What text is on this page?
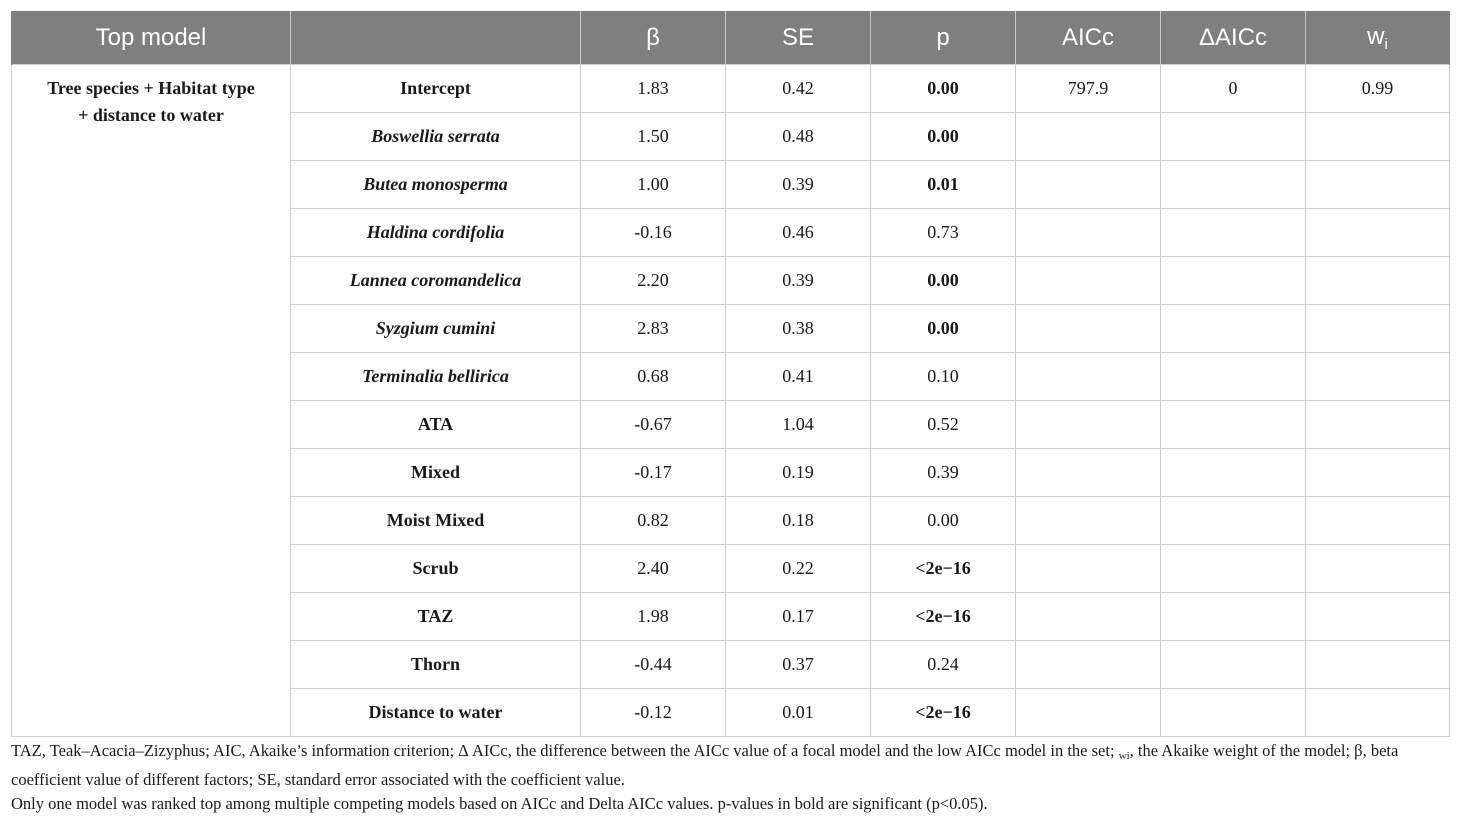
Top model		β	SE	p	AICc	ΔAICc	$w_i$

Tree species + Habitat type
+ distance to water	Intercept	1.83	0.42	0.00	797.9	0	0.99
	Boswellia serrata	1.50	0.48	0.00			
	Butea monosperma	1.00	0.39	0.01			
	Haldina cordifolia	-0.16	0.46	0.73			
	Lannea coromandelica	2.20	0.39	0.00			
	Syzgium cumini	2.83	0.38	0.00			
	Terminalia bellirica	0.68	0.41	0.10			
	ATA	-0.67	1.04	0.52			
	Mixed	-0.17	0.19	0.39			
	Moist Mixed	0.82	0.18	0.00			
	Scrub	2.40	0.22	<2e−16			
	TAZ	1.98	0.17	<2e−16			
	Thorn	-0.44	0.37	0.24			
	Distance to water	-0.12	0.01	<2e−16			

TAZ, Teak–Acacia–Zizyphus; AIC, Akaike’s information criterion; Δ AICc, the difference between the AICc value of a focal model and the low AICc model in the set; wi, the Akaike weight of the model; β, beta coefficient value of different factors; SE, standard error associated with the coefficient value.

Only one model was ranked top among multiple competing models based on AICc and Delta AICc values. p-values in bold are significant (p<0.05).
